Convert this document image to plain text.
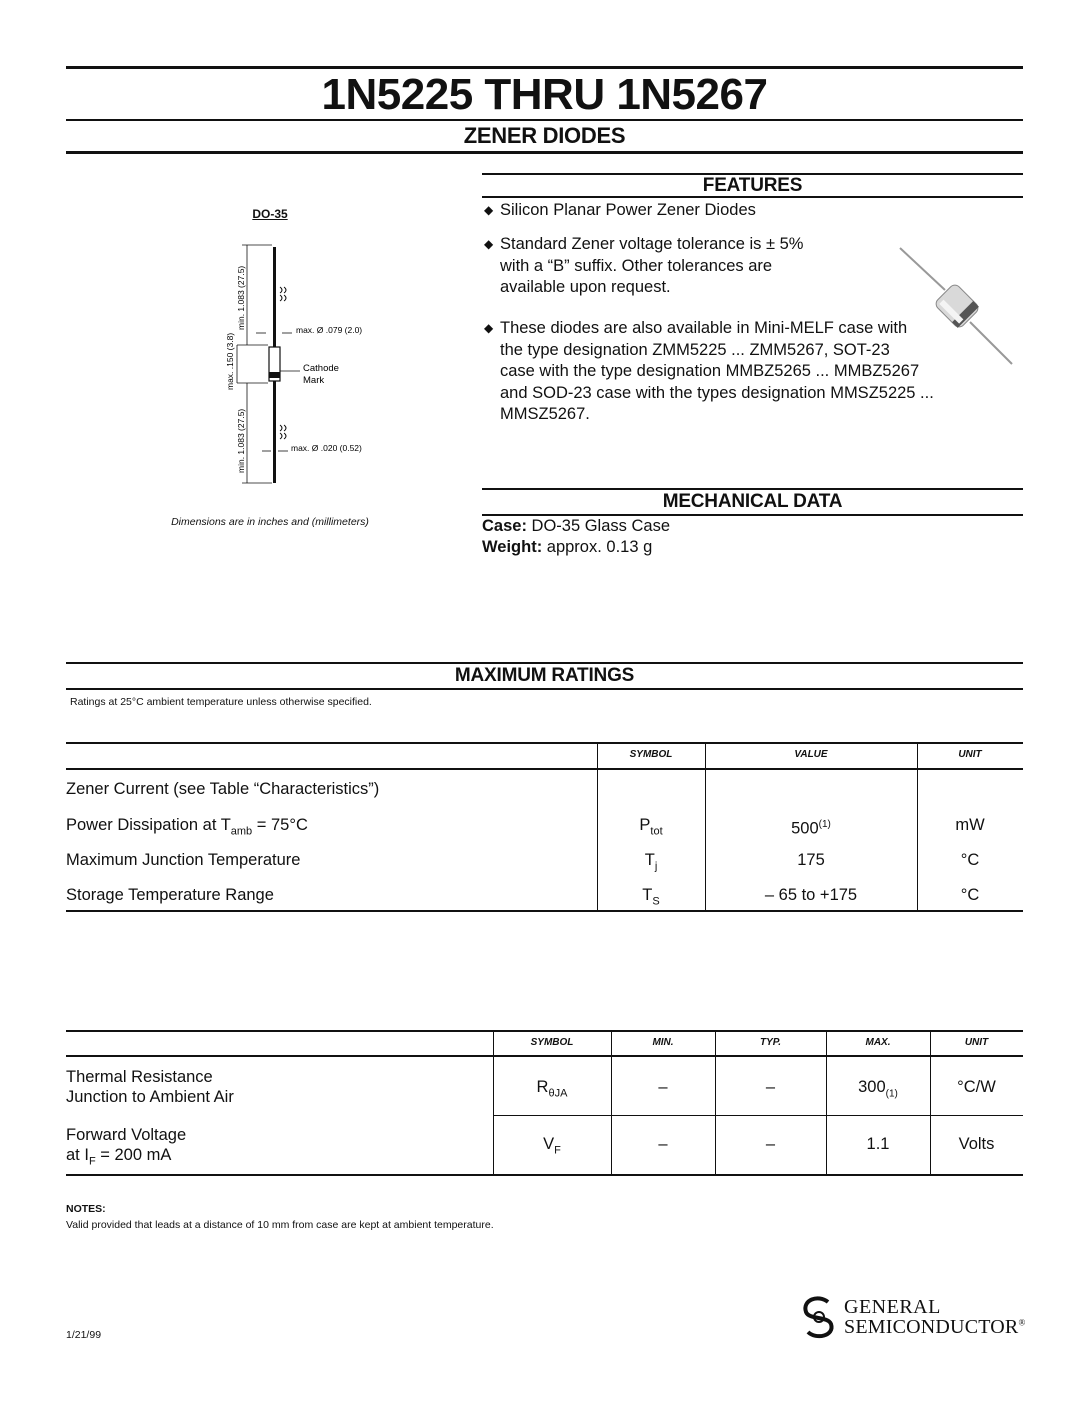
1N5225 THRU 1N5267
ZENER DIODES
DO-35
min. 1.083 (27.5)
max. .150 (3.8)
min. 1.083 (27.5)
max. Ø .079 (2.0)
Cathode
Mark
max. Ø .020 (0.52)
Dimensions are in inches and (millimeters)
FEATURES
◆ Silicon Planar Power Zener Diodes
◆ Standard Zener voltage tolerance is ± 5%
with a “B” suffix. Other tolerances are
available upon request.
◆ These diodes are also available in Mini-MELF case with
the type designation ZMM5225 ... ZMM5267, SOT-23
case with the type designation MMBZ5265 ... MMBZ5267
and SOD-23 case with the types designation MMSZ5225 ...
MMSZ5267.
MECHANICAL DATA
Case: DO-35 Glass Case
Weight: approx. 0.13 g
MAXIMUM RATINGS
Ratings at 25°C ambient temperature unless otherwise specified.
SYMBOL	VALUE	UNIT
Zener Current (see Table “Characteristics”)
Power Dissipation at $T_{amb} = 75^\circ C$	$P_{tot}$	500$^{(1)}$	mW
Maximum Junction Temperature	$T_j$	175	°C
Storage Temperature Range	$T_S$	– 65 to +175	°C
SYMBOL	MIN.	TYP.	MAX.	UNIT
Thermal Resistance
Junction to Ambient Air
$R_{\theta JA}$	–	–	$300_{(1)}$	°C/W
Forward Voltage
at $I_F = 200$ mA
$V_F$	–	–	1.1	Volts
NOTES:
Valid provided that leads at a distance of 10 mm from case are kept at ambient temperature.
1/21/99
GENERAL
SEMICONDUCTOR®
